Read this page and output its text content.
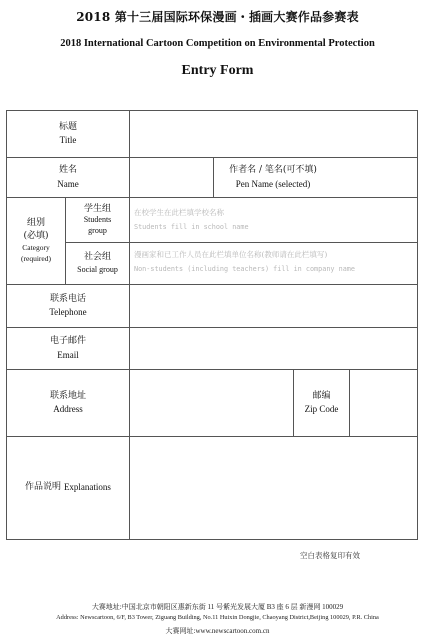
2018 第十三届国际环保漫画・插画大赛作品参赛表
2018 International Cartoon Competition on Environmental Protection
Entry Form
标题
Title
姓名
Name
作者名 / 笔名(可不填)
Pen Name (selected)
组别
(必填)
Category
(required)
学生组
Students
group
在校学生在此栏填学校名称
Students fill in school name
社会组
Social group
漫画家和已工作人员在此栏填单位名称(教师请在此栏填写)
Non-students (including teachers) fill in company name
联系电话
Telephone
电子邮件
Email
联系地址
Address
邮编
Zip Code
作品说明
Explanations
空白表格复印有效
大赛地址:中国北京市朝阳区惠新东街 11 号紫光发展大厦 B3 座 6 层 新漫网 100029
Address: Newscartoon, 6/F, B3 Tower, Ziguang Building, No.11 Huixin Dongjie, Chaoyang District,Beijing 100029, P.R. China
大赛网址:www.newscartoon.com.cn
